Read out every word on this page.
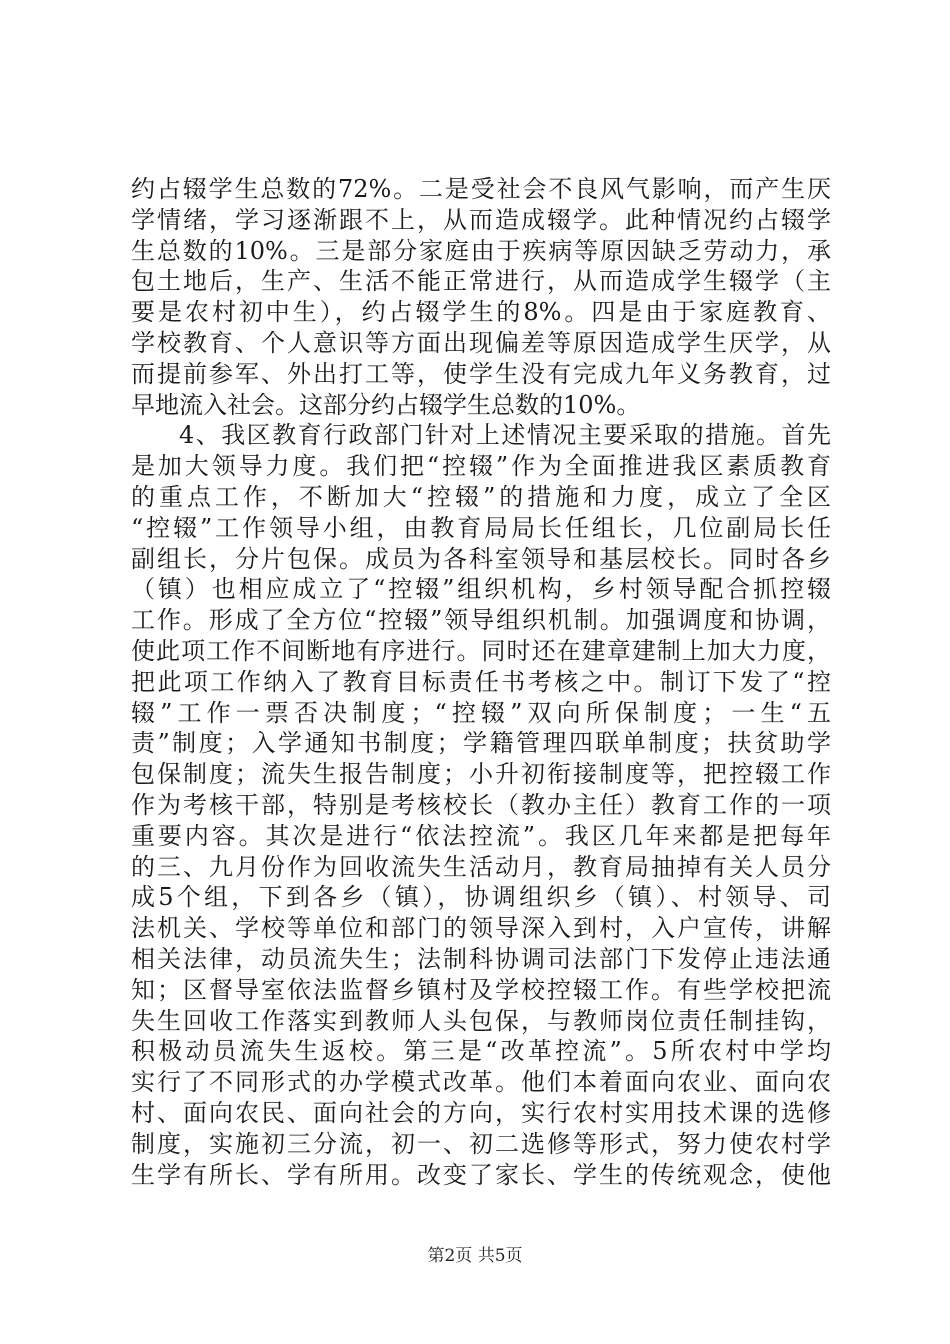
约占辍学生总数的72%。二是受社会不良风气影响，而产生厌
学情绪，学习逐渐跟不上，从而造成辍学。此种情况约占辍学
生总数的10%。三是部分家庭由于疾病等原因缺乏劳动力，承
包土地后，生产、生活不能正常进行，从而造成学生辍学（主
要是农村初中生），约占辍学生的8%。四是由于家庭教育、
学校教育、个人意识等方面出现偏差等原因造成学生厌学，从
而提前参军、外出打工等，使学生没有完成九年义务教育，过
早地流入社会。这部分约占辍学生总数的10%。
4、我区教育行政部门针对上述情况主要采取的措施。首先
是加大领导力度。我们把“控辍”作为全面推进我区素质教育
的重点工作，不断加大“控辍”的措施和力度，成立了全区
“控辍”工作领导小组，由教育局局长任组长，几位副局长任
副组长，分片包保。成员为各科室领导和基层校长。同时各乡
（镇）也相应成立了“控辍”组织机构，乡村领导配合抓控辍
工作。形成了全方位“控辍”领导组织机制。加强调度和协调，
使此项工作不间断地有序进行。同时还在建章建制上加大力度，
把此项工作纳入了教育目标责任书考核之中。制订下发了“控
辍”工作一票否决制度；“控辍”双向所保制度；一生“五
责”制度；入学通知书制度；学籍管理四联单制度；扶贫助学
包保制度；流失生报告制度；小升初衔接制度等，把控辍工作
作为考核干部，特别是考核校长（教办主任）教育工作的一项
重要内容。其次是进行“依法控流”。我区几年来都是把每年
的三、九月份作为回收流失生活动月，教育局抽掉有关人员分
成5个组，下到各乡（镇），协调组织乡（镇）、村领导、司
法机关、学校等单位和部门的领导深入到村，入户宣传，讲解
相关法律，动员流失生；法制科协调司法部门下发停止违法通
知；区督导室依法监督乡镇村及学校控辍工作。有些学校把流
失生回收工作落实到教师人头包保，与教师岗位责任制挂钩，
积极动员流失生返校。第三是“改革控流”。5所农村中学均
实行了不同形式的办学模式改革。他们本着面向农业、面向农
村、面向农民、面向社会的方向，实行农村实用技术课的选修
制度，实施初三分流，初一、初二选修等形式，努力使农村学
生学有所长、学有所用。改变了家长、学生的传统观念，使他
第2页 共5页
